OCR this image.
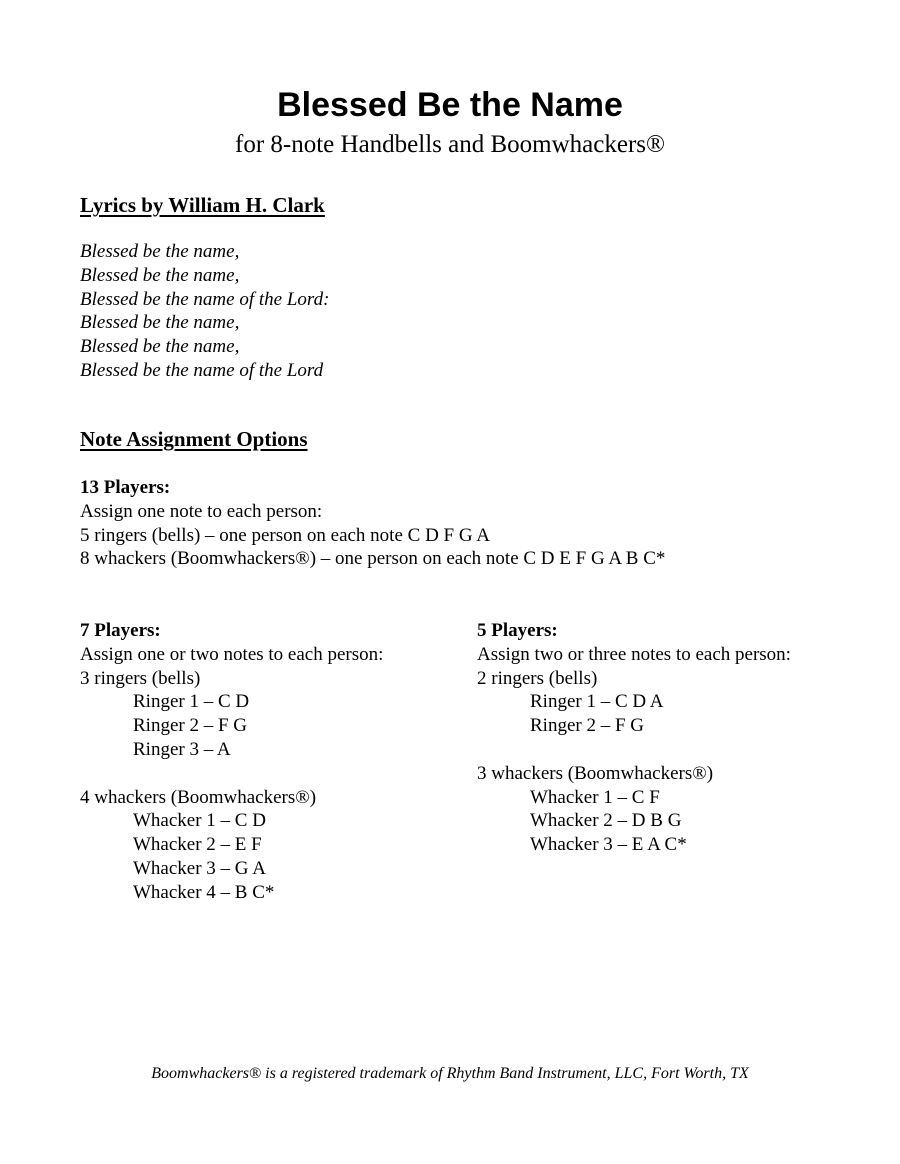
Blessed Be the Name
for 8-note Handbells and Boomwhackers®
Lyrics by William H. Clark
Blessed be the name,
Blessed be the name,
Blessed be the name of the Lord:
Blessed be the name,
Blessed be the name,
Blessed be the name of the Lord
Note Assignment Options
13 Players:
Assign one note to each person:
5 ringers (bells) – one person on each note C D F G A
8 whackers (Boomwhackers®) – one person on each note C D E F G A B C*
7 Players:
Assign one or two notes to each person:
3 ringers (bells)
Ringer 1 – C D
Ringer 2 – F G
Ringer 3 – A
4 whackers (Boomwhackers®)
Whacker 1 – C D
Whacker 2 – E F
Whacker 3 – G A
Whacker 4 – B C*
5 Players:
Assign two or three notes to each person:
2 ringers (bells)
Ringer 1 – C D A
Ringer 2 – F G
3 whackers (Boomwhackers®)
Whacker 1 – C F
Whacker 2 – D B G
Whacker 3 – E A C*
Boomwhackers® is a registered trademark of Rhythm Band Instrument, LLC, Fort Worth, TX
